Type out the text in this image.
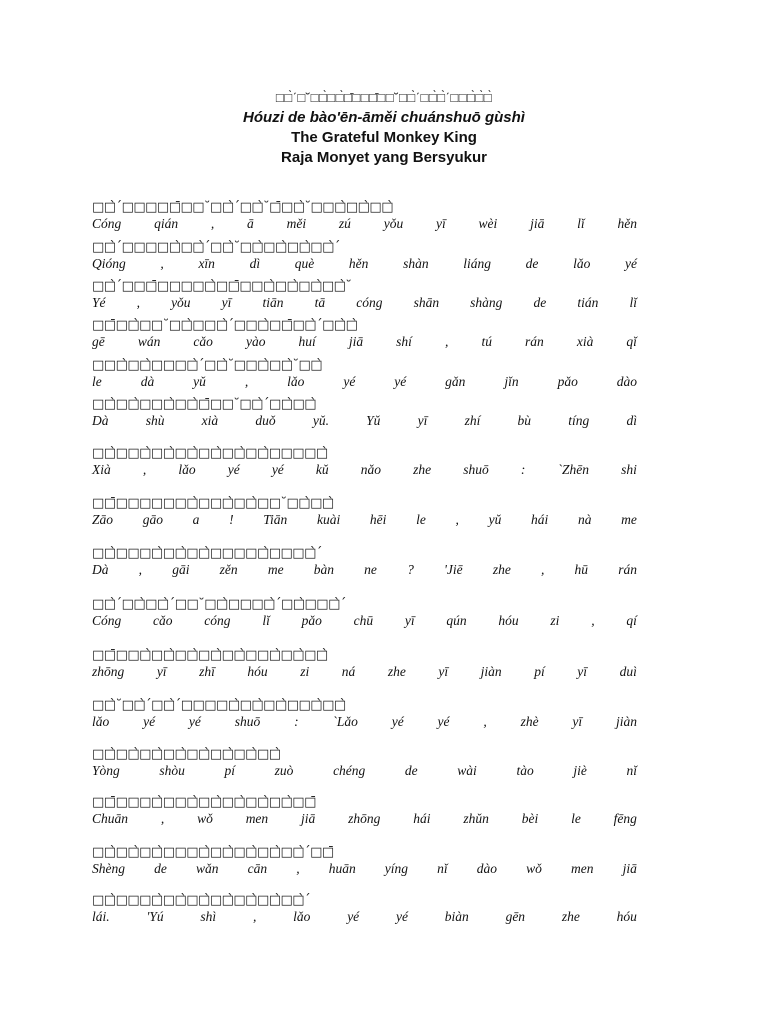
□□̀ˊ□˘□□̀□□̀□̄□□□̄□□˘□□̀ˊ□□̀□̀ˊ□□□̀□̀□̀
Hóuzi de bào'ēn-āměi chuánshuō gùshì
The Grateful Monkey King
Raja Monyet yang Bersyukur
□□̀ˊ□□□□□̄□□˘□□̀ˊ□□̀˘□̄□□̀˘□□□̀□□̀□□̀
Cóng qián , ā měi zú yǒu yī wèi jiā lǐ hěn
□□̀ˊ□□□□□̀□□̀ˊ□□̀˘□□̀□□̀□□̀□□̀ˊ
Qióng	,	xīn	dì	què	hěn	shàn	liáng	de	lǎo	yé
□□̀ˊ□□□̄□□□□□̀□□̄□□□̀□□̀□□̀□□̀˘
Yé , yǒu yī tiān tā cóng shān shàng de tián lǐ
□□̄□□̀□□˘□□̀□□□̀ˊ□□□̀□□̄□□̀ˊ□□̀□̀
gē wán cǎo yào huí jiā shí , tú rán xià qǐ
□□□̀□□̀□□□□̀ˊ□□̀˘□□□̀□□̀˘□□̀
le	dà	yǔ	,	lǎo	yé	yé	gǎn	jǐn	pǎo	dào
□□̀□□̀□□□̀□□̀□̄□□˘□□̀ˊ□□̀□□̀
Dà	shù	xià	duǒ	yǔ.	Yǔ	yī	zhí	bù	tíng	dì
□□̀□□□̀□□̀□□̀□□̀□□̀□□̀□□□□□̀
Xià , lǎo yé yé kǔ nǎo zhe shuō : `Zhēn shi
□□̄□□□□□□□̀□□□̀□□̀□□˘□□̀□□̀
Zāo gāo a ! Tiān kuài hēi le , yǔ hái nà me
□□̀□□□□̀□□̀□□̀□□□□□̀□□□□̀ˊ
Dà , gāi zěn me bàn ne ? 'Jiē zhe , hū rán
□□̀ˊ□□̀□□̀ˊ□□˘□□̀□□□□̀ˊ□□̀□□□̀ˊ
Cóng cǎo cóng lǐ pǎo chū yī qún hóu zi , qí
□□̄□□□̀□□̀□□̀□□̀□□̀□□□̀□□̀□□̀
zhōng yī zhī hóu zi ná zhe yī jiàn pí yī duì
□□̀˘□□̀ˊ□□̀ˊ□□□□□̀□□̀□□̀□□□̀□□̀
lǎo	yé	yé	shuō	:	`Lǎo	yé	yé	,	zhè	yī	jiàn
□□̀□□̀□□̀□□̀□□̀□□̀□□̀□□̀
Yòng	shòu	pí	zuò	chéng	de	wài	tào	jiè	nǐ
□□̄□□□□̀□□□̀□□̀□□̀□□̀□□̀□□̄
Chuān , wǒ men jiā zhōng hái zhǔn bèi le fēng
□□̀□□̀□□̀□□□□̀□□̀□□̀□□̀□□̀ˊ□□̄
Shèng de wǎn cān , huān yíng nǐ dào wǒ men jiā
□□̀□□□□̀□□̀□□̀□□̀□□̀□□̀□□̀ˊ
lái.	'Yú	shì	,	lǎo	yé	yé	biàn	gēn	zhe	hóu
